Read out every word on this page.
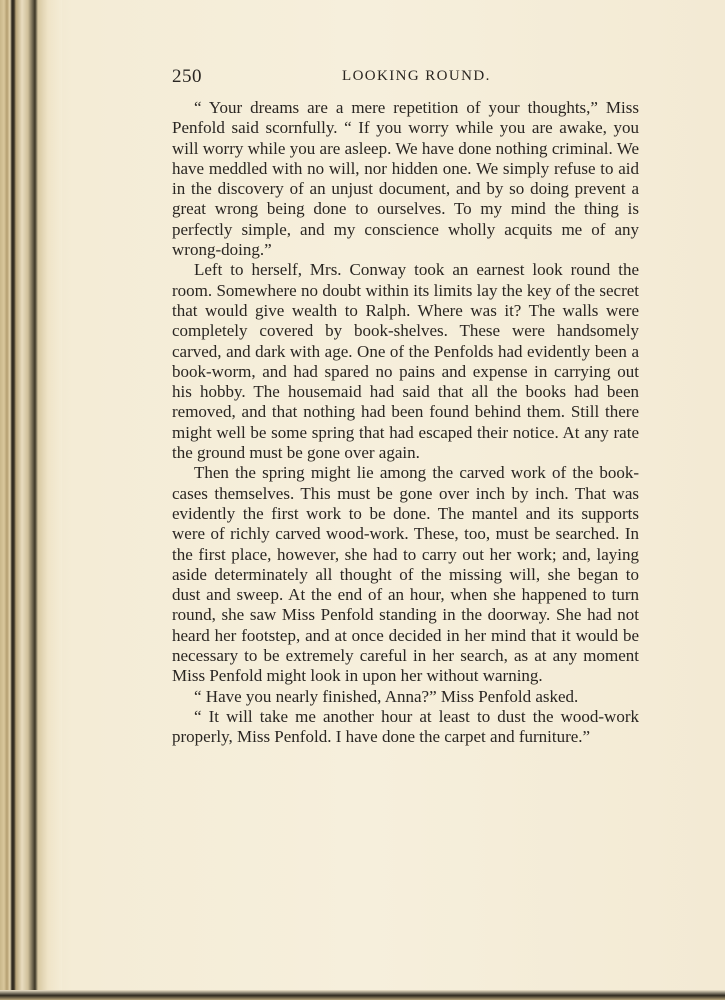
250	LOOKING ROUND.

“ Your dreams are a mere repetition of your thoughts,” Miss Penfold said scornfully. “ If you worry while you are awake, you will worry while you are asleep. We have done nothing criminal. We have meddled with no will, nor hidden one. We simply refuse to aid in the discovery of an unjust document, and by so doing prevent a great wrong being done to ourselves. To my mind the thing is perfectly simple, and my conscience wholly acquits me of any wrong-doing.”

Left to herself, Mrs. Conway took an earnest look round the room. Somewhere no doubt within its limits lay the key of the secret that would give wealth to Ralph. Where was it? The walls were completely covered by book-shelves. These were handsomely carved, and dark with age. One of the Penfolds had evidently been a book-worm, and had spared no pains and expense in carrying out his hobby. The housemaid had said that all the books had been removed, and that nothing had been found behind them. Still there might well be some spring that had escaped their notice. At any rate the ground must be gone over again.

Then the spring might lie among the carved work of the book-cases themselves. This must be gone over inch by inch. That was evidently the first work to be done. The mantel and its supports were of richly carved wood-work. These, too, must be searched. In the first place, however, she had to carry out her work; and, laying aside determinately all thought of the missing will, she began to dust and sweep. At the end of an hour, when she happened to turn round, she saw Miss Penfold standing in the doorway. She had not heard her footstep, and at once decided in her mind that it would be necessary to be extremely careful in her search, as at any moment Miss Penfold might look in upon her without warning.

“ Have you nearly finished, Anna?” Miss Penfold asked.

“ It will take me another hour at least to dust the wood-work properly, Miss Penfold. I have done the carpet and furniture.”
